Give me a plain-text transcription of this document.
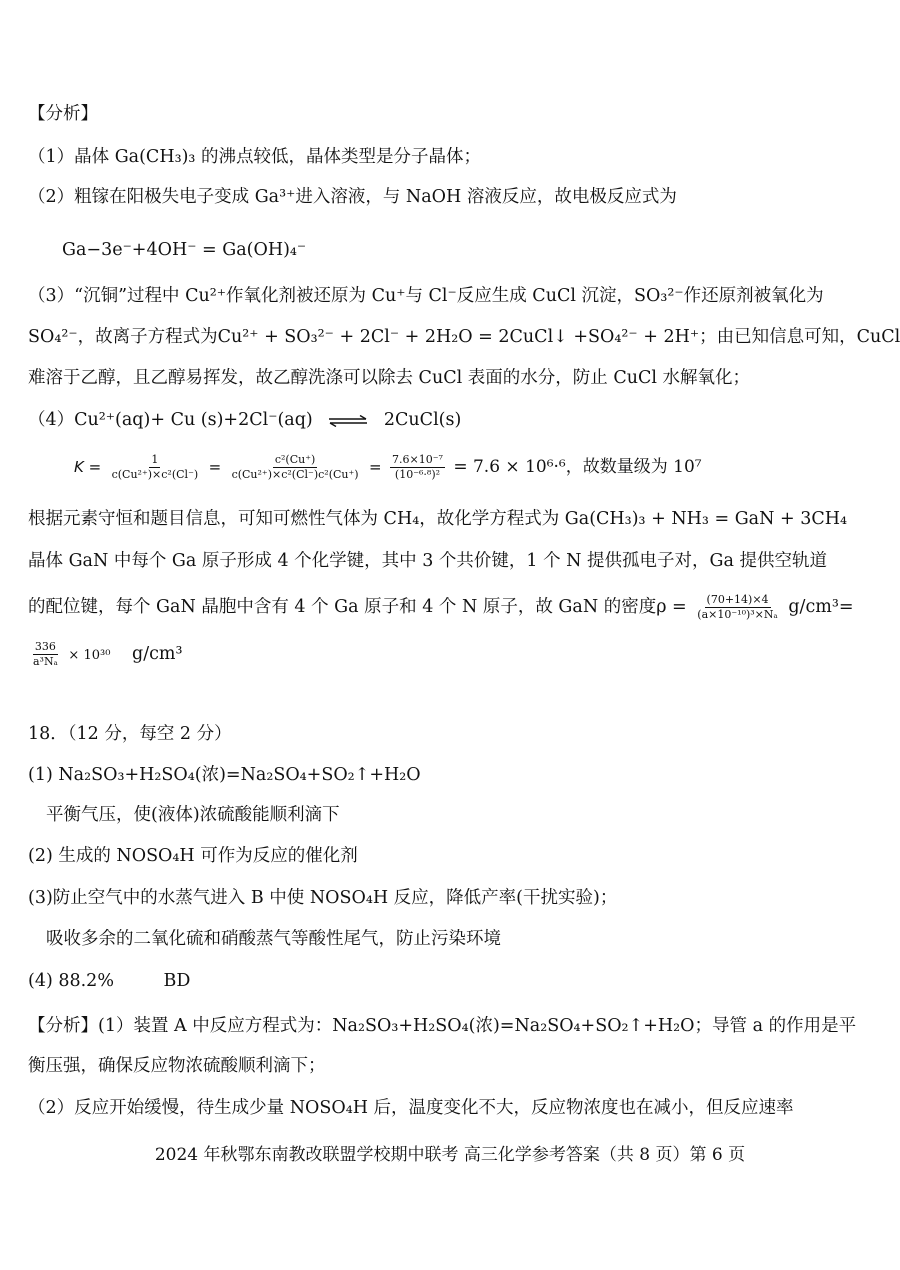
【分析】
（1）晶体 Ga(CH₃)₃ 的沸点较低，晶体类型是分子晶体；
（2）粗镓在阳极失电子变成 Ga³⁺进入溶液，与 NaOH 溶液反应，故电极反应式为
Ga−3e⁻+4OH⁻ = Ga(OH)₄⁻
（3）“沉铜”过程中 Cu²⁺作氧化剂被还原为 Cu⁺与 Cl⁻反应生成 CuCl 沉淀，SO₃²⁻作还原剂被氧化为
SO₄²⁻，故离子方程式为Cu²⁺ + SO₃²⁻ + 2Cl⁻ + 2H₂O = 2CuCl↓ +SO₄²⁻ + 2H⁺；由已知信息可知，CuCl
难溶于乙醇，且乙醇易挥发，故乙醇洗涤可以除去 CuCl 表面的水分，防止 CuCl 水解氧化；
（4）Cu²⁺(aq)+ Cu (s)+2Cl⁻(aq) ⇌ 2CuCl(s)
$K = \frac{1}{\text{c(Cu²⁺)×c²(Cl⁻)}} = \frac{\text{c²(Cu⁺)}}{\text{c(Cu²⁺)×c²(Cl⁻)c²(Cu⁺)}} = \frac{\text{7.6×10⁻⁷}}{\text{(10⁻⁶·⁸)²}} = 7.6 \times 10^6\cdot^6$，故数量级为 10⁷
根据元素守恒和题目信息，可知可燃性气体为 CH₄，故化学方程式为 Ga(CH₃)₃ + NH₃ = GaN + 3CH₄
晶体 GaN 中每个 Ga 原子形成 4 个化学键，其中 3 个共价键，1 个 N 提供孤电子对，Ga 提供空轨道
的配位键，每个 GaN 晶胞中含有 4 个 Ga 原子和 4 个 N 原子，故 GaN 的密度$\rho = \frac{(70+14)\times 4}{\text{(a×10⁻¹⁰)³×Nₐ}} g/cm^3=$
$\frac{336}{\text{a³Nₐ}} \times 10^{30}$ g/cm³
18．（12 分，每空 2 分）
(1) Na₂SO₃+H₂SO₄(浓)=Na₂SO₄+SO₂↑+H₂O
平衡气压，使(液体)浓硫酸能顺利滴下
(2) 生成的 NOSO₄H 可作为反应的催化剂
(3)防止空气中的水蒸气进入 B 中使 NOSO₄H 反应，降低产率(干扰实验)；
吸收多余的二氧化硫和硝酸蒸气等酸性尾气，防止污染环境
(4) 88.2%	BD
【分析】(1）装置 A 中反应方程式为：Na₂SO₃+H₂SO₄(浓)=Na₂SO₄+SO₂↑+H₂O；导管 a 的作用是平
衡压强，确保反应物浓硫酸顺利滴下；
（2）反应开始缓慢，待生成少量 NOSO₄H 后，温度变化不大，反应物浓度也在减小，但反应速率
2024 年秋鄂东南教改联盟学校期中联考 高三化学参考答案（共 8 页）第 6 页
